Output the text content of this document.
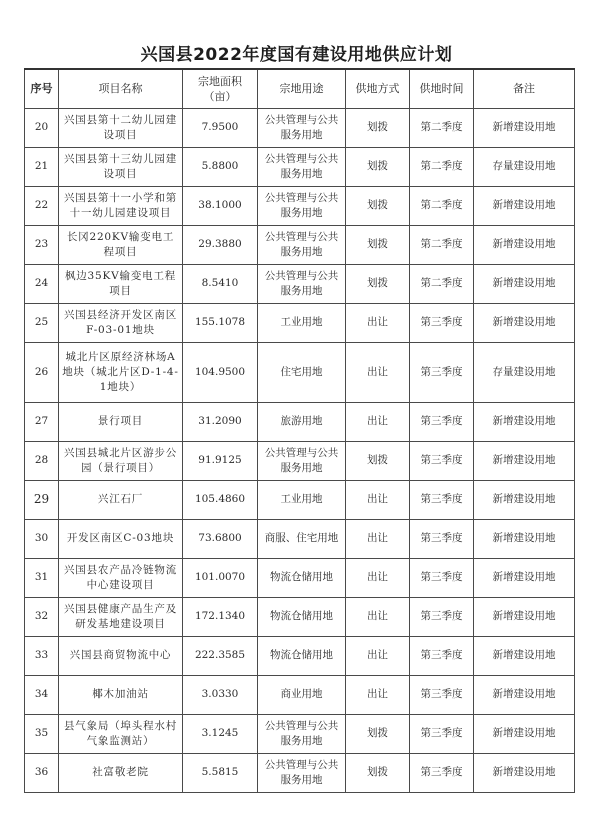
兴国县2022年度国有建设用地供应计划
序号	项目名称	宗地面积（亩）	宗地用途	供地方式	供地时间	备注
20	兴国县第十二幼儿园建设项目	7.9500	公共管理与公共服务用地	划拨	第二季度	新增建设用地
21	兴国县第十三幼儿园建设项目	5.8800	公共管理与公共服务用地	划拨	第二季度	存量建设用地
22	兴国县第十一小学和第十一幼儿园建设项目	38.1000	公共管理与公共服务用地	划拨	第二季度	新增建设用地
23	长冈220KV输变电工程项目	29.3880	公共管理与公共服务用地	划拨	第二季度	新增建设用地
24	枫边35KV输变电工程项目	8.5410	公共管理与公共服务用地	划拨	第二季度	新增建设用地
25	兴国县经济开发区南区F-03-01地块	155.1078	工业用地	出让	第三季度	新增建设用地
26	城北片区原经济林场A地块（城北片区D-1-4-1地块）	104.9500	住宅用地	出让	第三季度	存量建设用地
27	景行项目	31.2090	旅游用地	出让	第三季度	新增建设用地
28	兴国县城北片区游步公园（景行项目）	91.9125	公共管理与公共服务用地	划拨	第三季度	新增建设用地
29	兴江石厂	105.4860	工业用地	出让	第三季度	新增建设用地
30	开发区南区C-03地块	73.6800	商服、住宅用地	出让	第三季度	新增建设用地
31	兴国县农产品冷链物流中心建设项目	101.0070	物流仓储用地	出让	第三季度	新增建设用地
32	兴国县健康产品生产及研发基地建设项目	172.1340	物流仓储用地	出让	第三季度	新增建设用地
33	兴国县商贸物流中心	222.3585	物流仓储用地	出让	第三季度	新增建设用地
34	椰木加油站	3.0330	商业用地	出让	第三季度	新增建设用地
35	县气象局（埠头程水村气象监测站）	3.1245	公共管理与公共服务用地	划拨	第三季度	新增建设用地
36	社富敬老院	5.5815	公共管理与公共服务用地	划拨	第三季度	新增建设用地
